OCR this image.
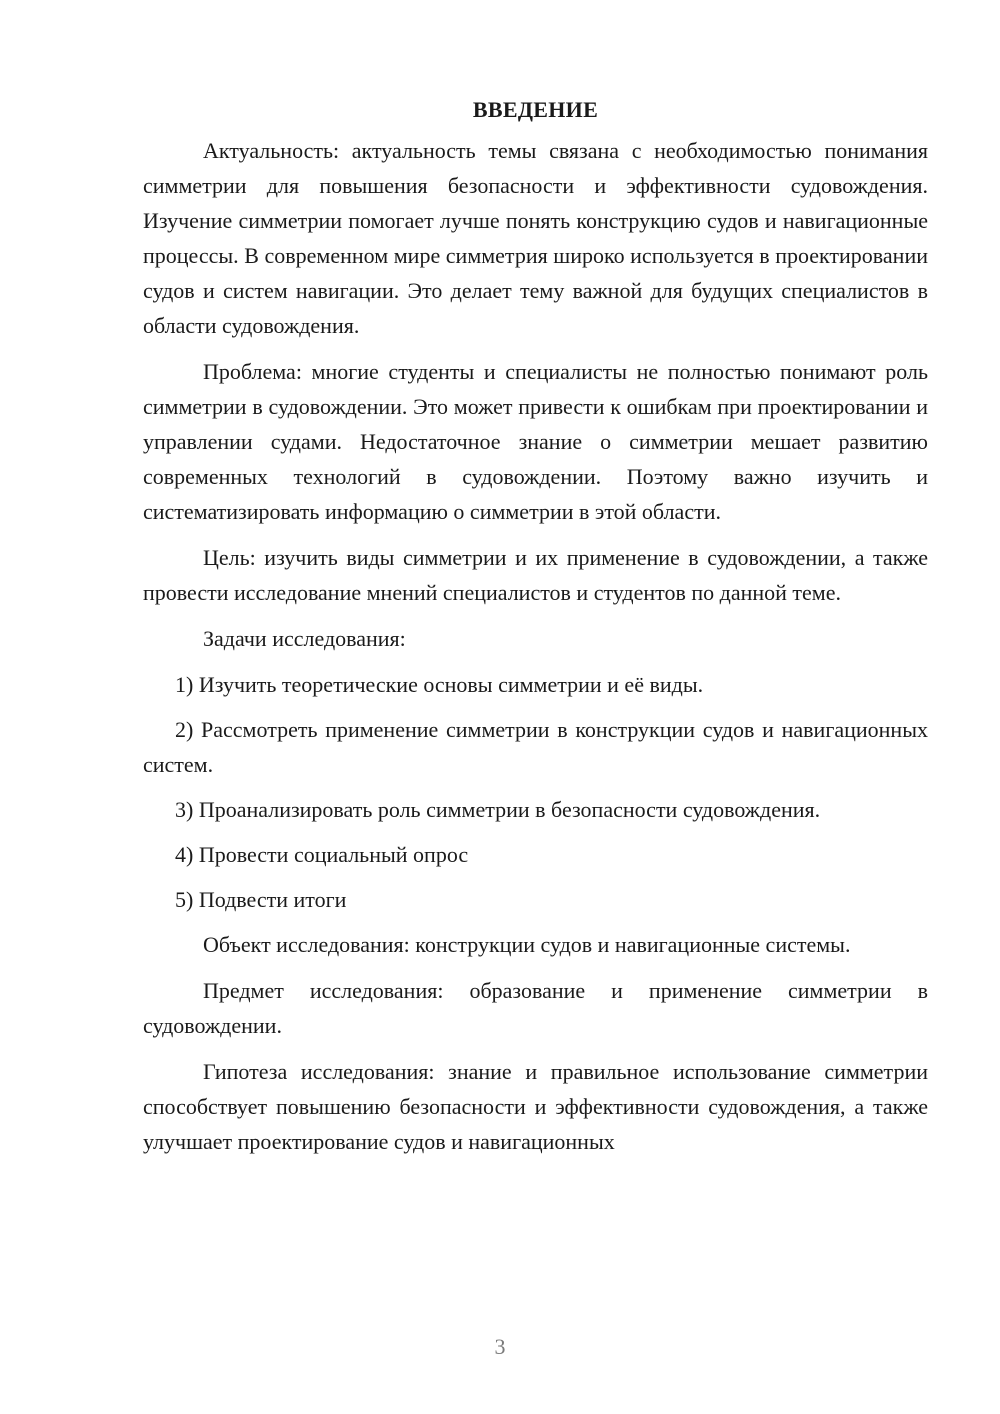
ВВЕДЕНИЕ

Актуальность: актуальность темы связана с необходимостью понимания симметрии для повышения безопасности и эффективности судовождения. Изучение симметрии помогает лучше понять конструкцию судов и навигационные процессы. В современном мире симметрия широко используется в проектировании судов и систем навигации. Это делает тему важной для будущих специалистов в области судовождения.

Проблема: многие студенты и специалисты не полностью понимают роль симметрии в судовождении. Это может привести к ошибкам при проектировании и управлении судами. Недостаточное знание о симметрии мешает развитию современных технологий в судовождении. Поэтому важно изучить и систематизировать информацию о симметрии в этой области.

Цель: изучить виды симметрии и их применение в судовождении, а также провести исследование мнений специалистов и студентов по данной теме.

Задачи исследования:

1) Изучить теоретические основы симметрии и её виды.

2) Рассмотреть применение симметрии в конструкции судов и навигационных систем.

3) Проанализировать роль симметрии в безопасности судовождения.

4) Провести социальный опрос

5) Подвести итоги

Объект исследования: конструкции судов и навигационные системы.

Предмет исследования: образование и применение симметрии в судовождении.

Гипотеза исследования: знание и правильное использование симметрии способствует повышению безопасности и эффективности судовождения, а также улучшает проектирование судов и навигационных

3
